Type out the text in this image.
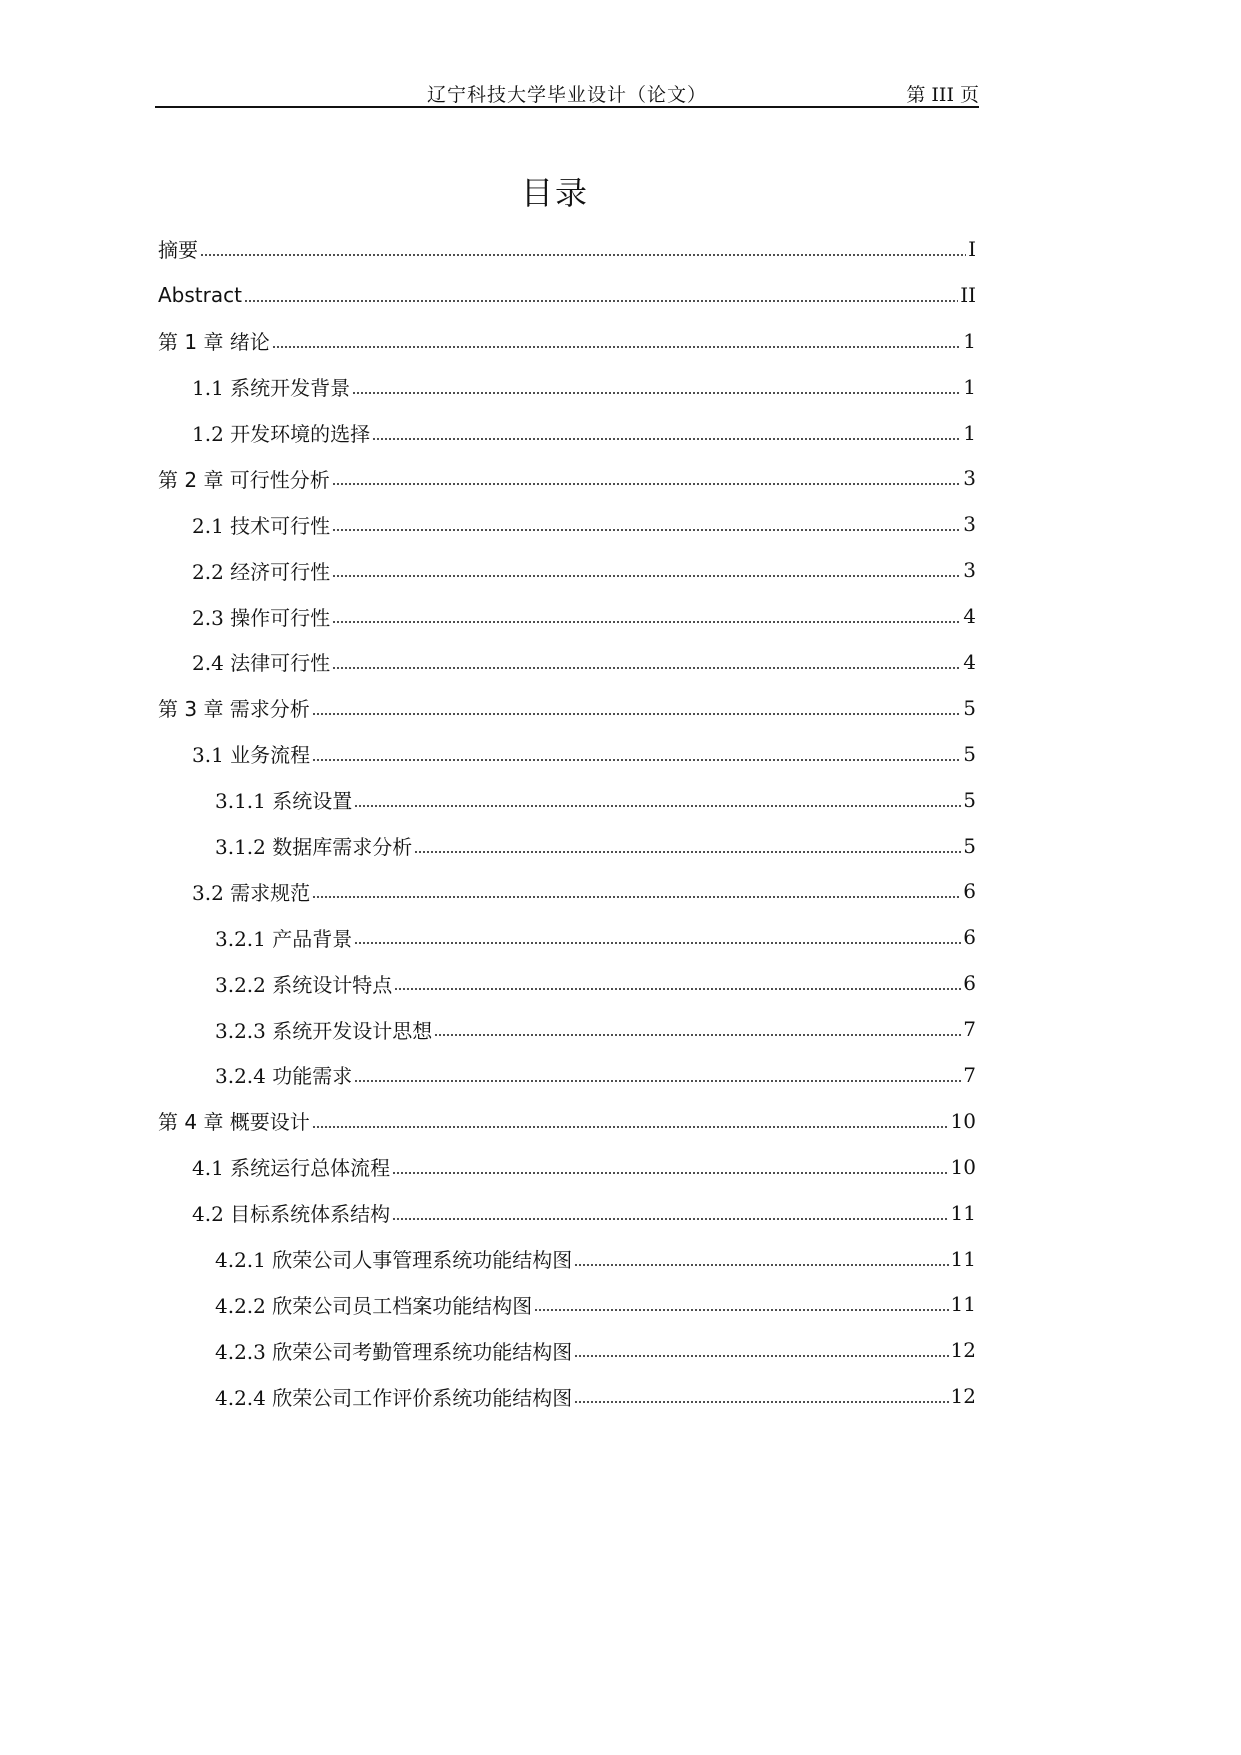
辽宁科技大学毕业设计（论文）	第 III 页
目录
摘要	I
Abstract	II
第 1 章 绪论	1
1.1 系统开发背景	1
1.2 开发环境的选择	1
第 2 章 可行性分析	3
2.1 技术可行性	3
2.2 经济可行性	3
2.3 操作可行性	4
2.4 法律可行性	4
第 3 章 需求分析	5
3.1 业务流程	5
3.1.1 系统设置	5
3.1.2 数据库需求分析	5
3.2 需求规范	6
3.2.1 产品背景	6
3.2.2 系统设计特点	6
3.2.3 系统开发设计思想	7
3.2.4 功能需求	7
第 4 章 概要设计	10
4.1 系统运行总体流程	10
4.2 目标系统体系结构	11
4.2.1 欣荣公司人事管理系统功能结构图	11
4.2.2 欣荣公司员工档案功能结构图	11
4.2.3 欣荣公司考勤管理系统功能结构图	12
4.2.4 欣荣公司工作评价系统功能结构图	12
